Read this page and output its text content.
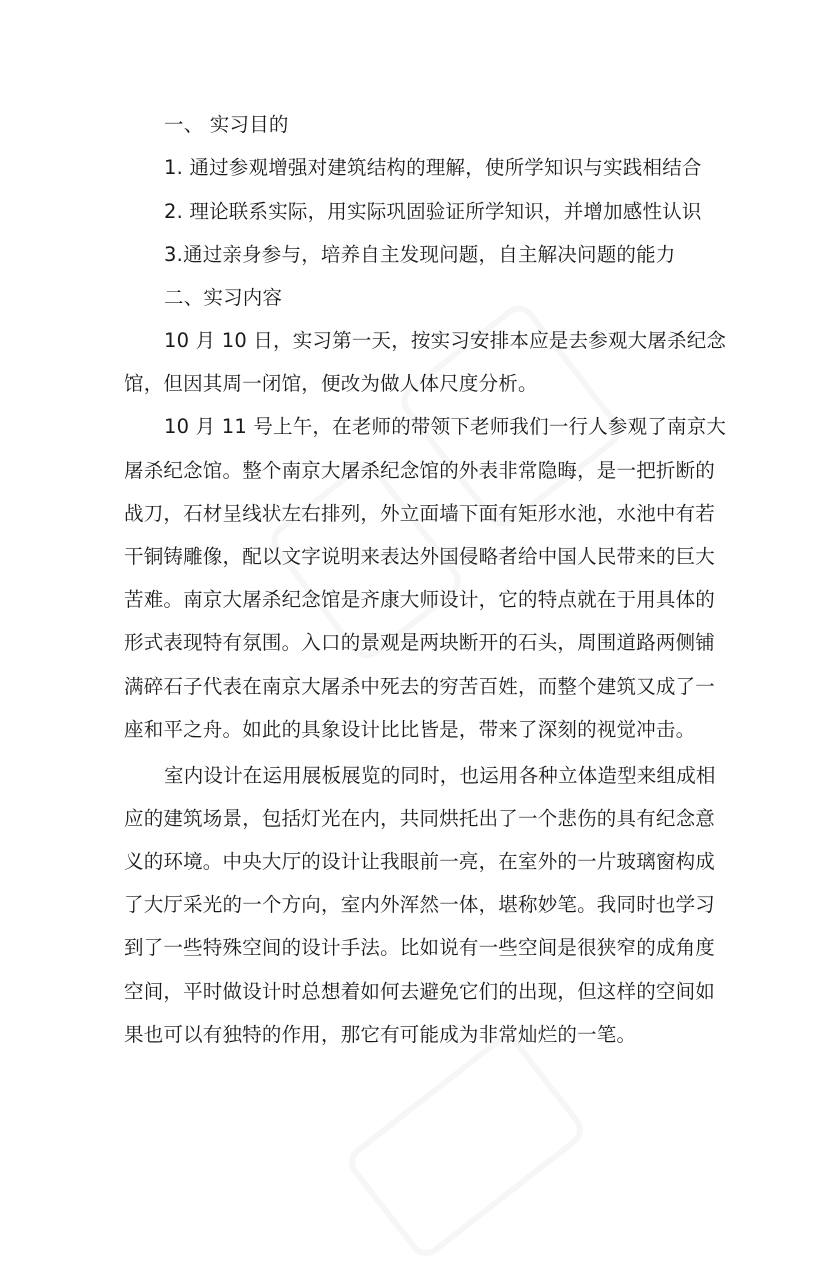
一、 实习目的
1. 通过参观增强对建筑结构的理解，使所学知识与实践相结合
2. 理论联系实际，用实际巩固验证所学知识，并增加感性认识
3.通过亲身参与，培养自主发现问题，自主解决问题的能力
二、实习内容
10 月 10 日，实习第一天，按实习安排本应是去参观大屠杀纪念
馆，但因其周一闭馆，便改为做人体尺度分析。
10 月 11 号上午，在老师的带领下老师我们一行人参观了南京大
屠杀纪念馆。整个南京大屠杀纪念馆的外表非常隐晦，是一把折断的
战刀，石材呈线状左右排列，外立面墙下面有矩形水池，水池中有若
干铜铸雕像，配以文字说明来表达外国侵略者给中国人民带来的巨大
苦难。南京大屠杀纪念馆是齐康大师设计，它的特点就在于用具体的
形式表现特有氛围。入口的景观是两块断开的石头，周围道路两侧铺
满碎石子代表在南京大屠杀中死去的穷苦百姓，而整个建筑又成了一
座和平之舟。如此的具象设计比比皆是，带来了深刻的视觉冲击。
室内设计在运用展板展览的同时，也运用各种立体造型来组成相
应的建筑场景，包括灯光在内，共同烘托出了一个悲伤的具有纪念意
义的环境。中央大厅的设计让我眼前一亮，在室外的一片玻璃窗构成
了大厅采光的一个方向，室内外浑然一体，堪称妙笔。我同时也学习
到了一些特殊空间的设计手法。比如说有一些空间是很狭窄的成角度
空间，平时做设计时总想着如何去避免它们的出现，但这样的空间如
果也可以有独特的作用，那它有可能成为非常灿烂的一笔。
